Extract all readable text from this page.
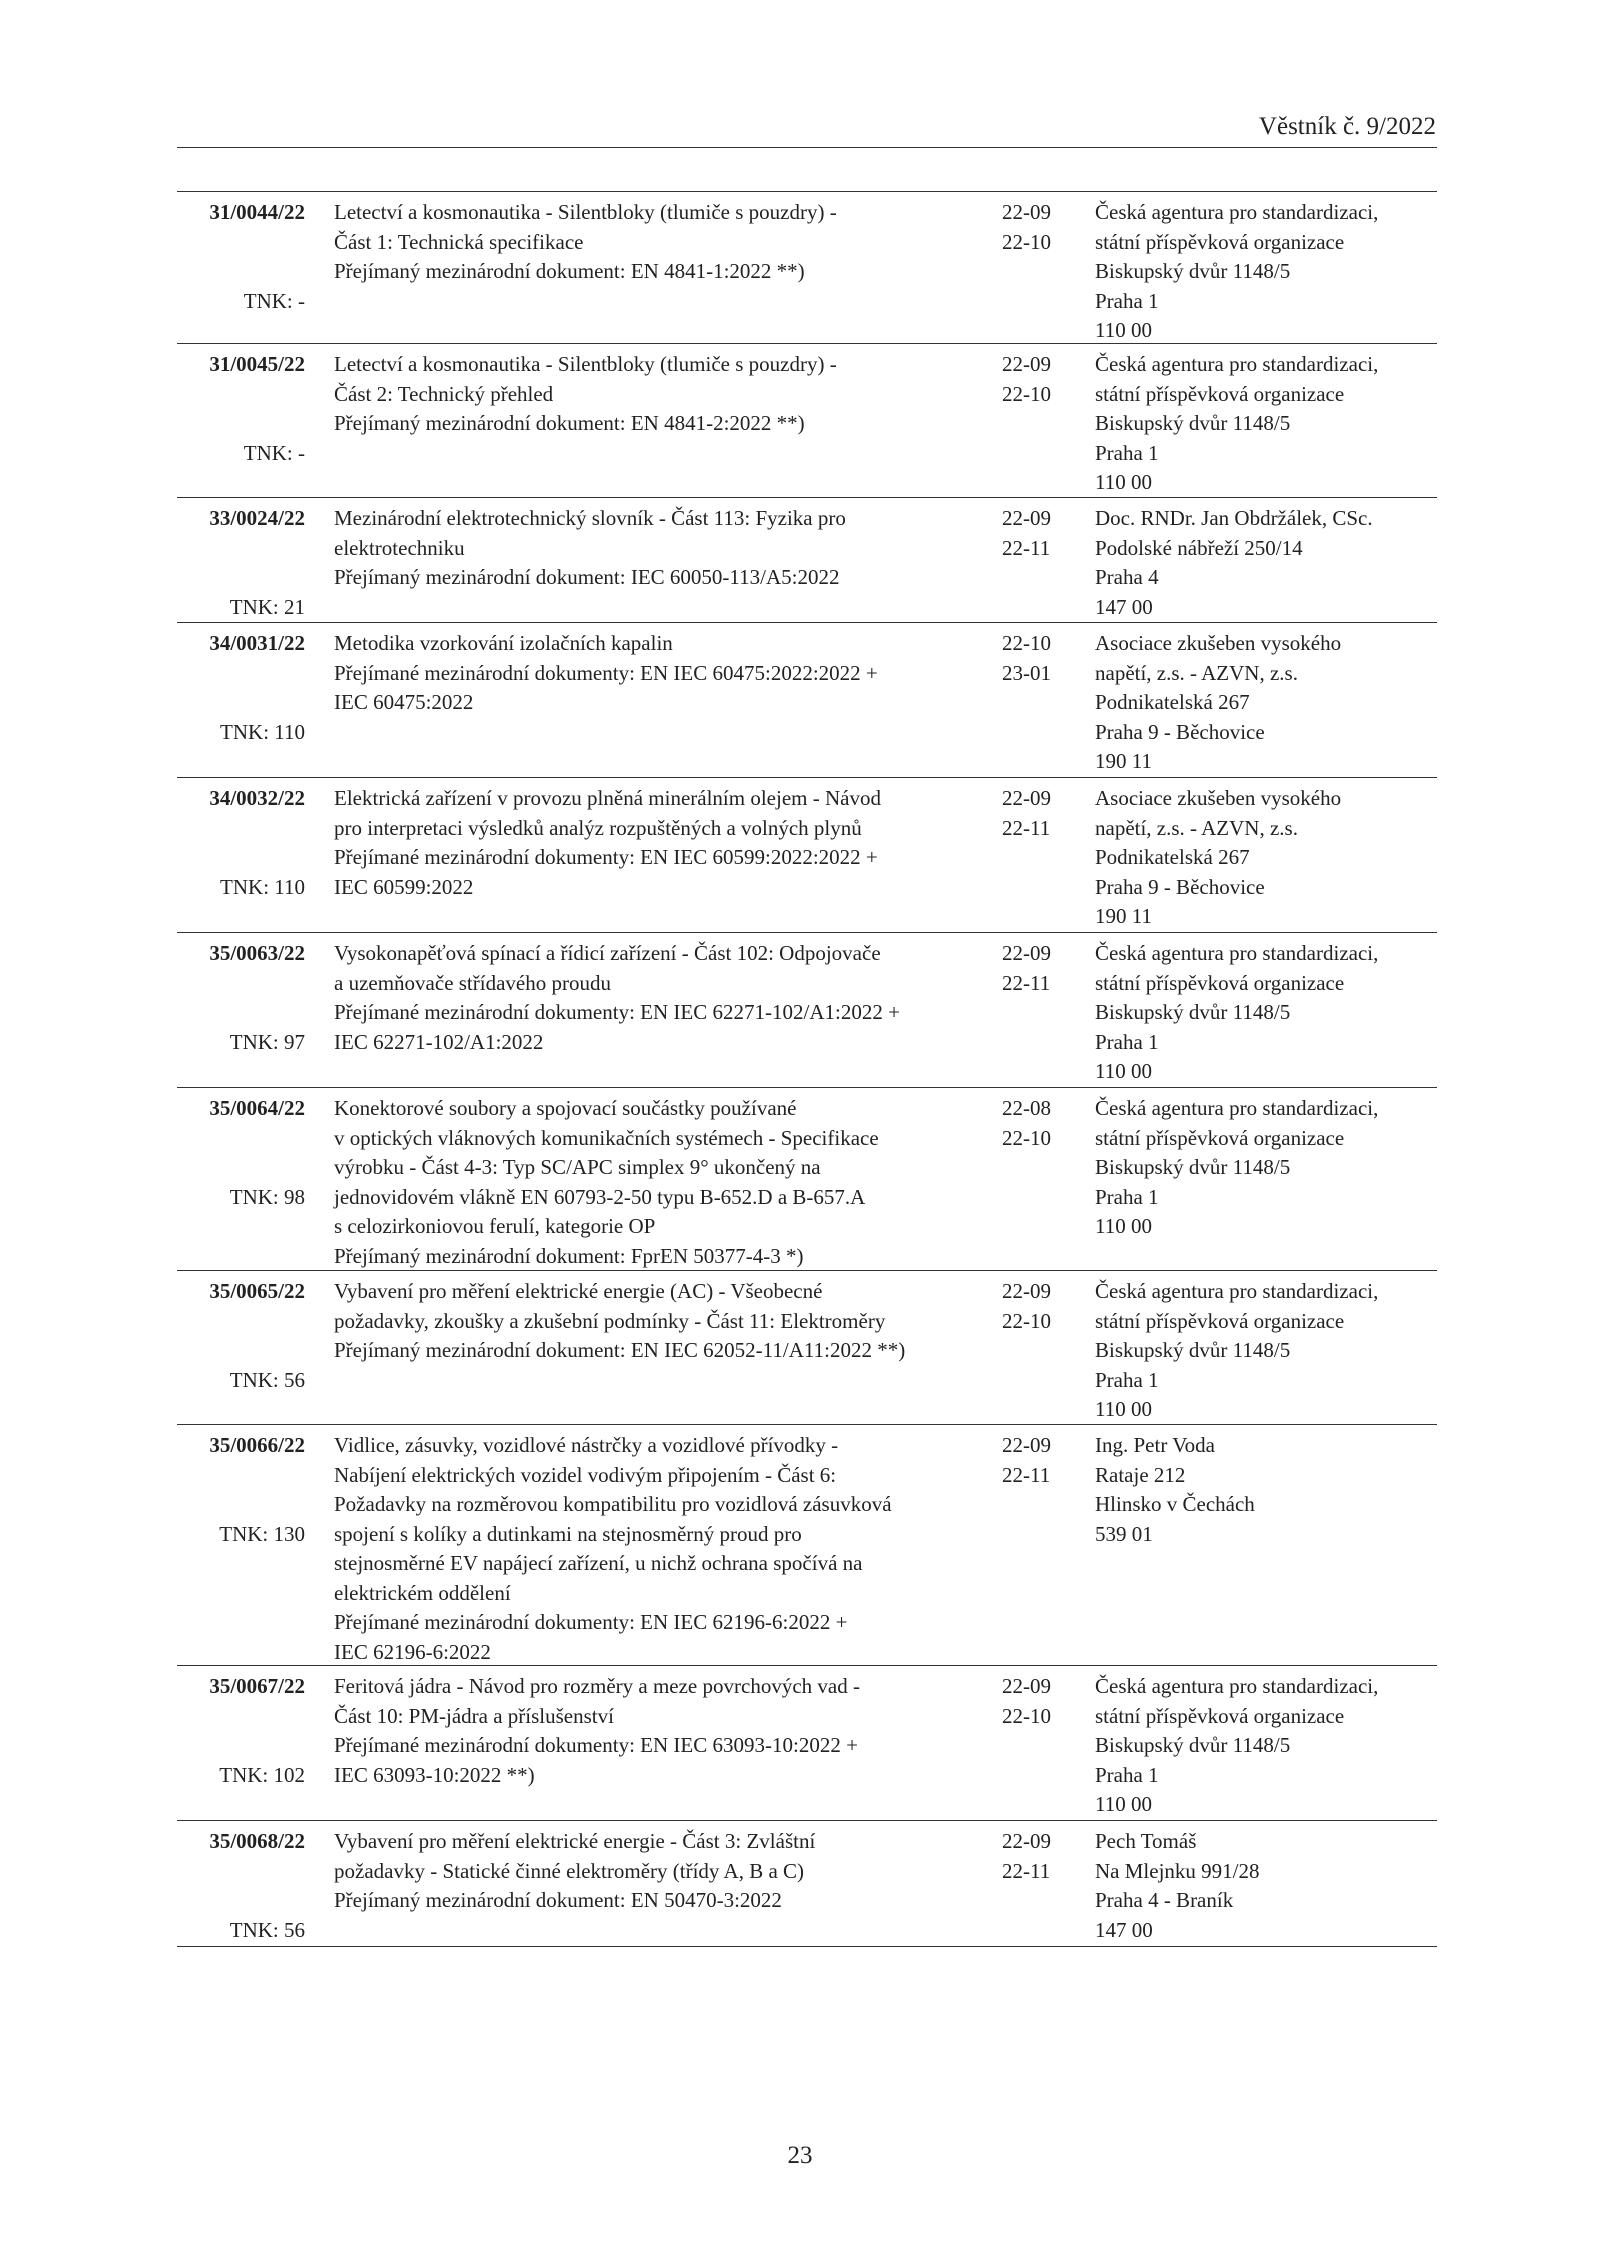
Věstník č. 9/2022
31/0044/22
TNK: -
Letectví a kosmonautika - Silentbloky (tlumiče s pouzdry) -
Část 1: Technická specifikace
Přejímaný mezinárodní dokument: EN 4841-1:2022 **)
22-09
22-10
Česká agentura pro standardizaci,
státní příspěvková organizace
Biskupský dvůr 1148/5
Praha 1
110 00
31/0045/22
TNK: -
Letectví a kosmonautika - Silentbloky (tlumiče s pouzdry) -
Část 2: Technický přehled
Přejímaný mezinárodní dokument: EN 4841-2:2022 **)
22-09
22-10
Česká agentura pro standardizaci,
státní příspěvková organizace
Biskupský dvůr 1148/5
Praha 1
110 00
33/0024/22
TNK: 21
Mezinárodní elektrotechnický slovník - Část 113: Fyzika pro
elektrotechniku
Přejímaný mezinárodní dokument: IEC 60050-113/A5:2022
22-09
22-11
Doc. RNDr. Jan Obdržálek, CSc.
Podolské nábřeží 250/14
Praha 4
147 00
34/0031/22
TNK: 110
Metodika vzorkování izolačních kapalin
Přejímané mezinárodní dokumenty: EN IEC 60475:2022:2022 +
IEC 60475:2022
22-10
23-01
Asociace zkušeben vysokého
napětí, z.s. - AZVN, z.s.
Podnikatelská 267
Praha 9 - Běchovice
190 11
34/0032/22
TNK: 110
Elektrická zařízení v provozu plněná minerálním olejem - Návod
pro interpretaci výsledků analýz rozpuštěných a volných plynů
Přejímané mezinárodní dokumenty: EN IEC 60599:2022:2022 +
IEC 60599:2022
22-09
22-11
Asociace zkušeben vysokého
napětí, z.s. - AZVN, z.s.
Podnikatelská 267
Praha 9 - Běchovice
190 11
35/0063/22
TNK: 97
Vysokonapěťová spínací a řídicí zařízení - Část 102: Odpojovače
a uzemňovače střídavého proudu
Přejímané mezinárodní dokumenty: EN IEC 62271-102/A1:2022 +
IEC 62271-102/A1:2022
22-09
22-11
Česká agentura pro standardizaci,
státní příspěvková organizace
Biskupský dvůr 1148/5
Praha 1
110 00
35/0064/22
TNK: 98
Konektorové soubory a spojovací součástky používané
v optických vláknových komunikačních systémech - Specifikace
výrobku - Část 4-3: Typ SC/APC simplex 9° ukončený na
jednovidovém vlákně EN 60793-2-50 typu B-652.D a B-657.A
s celozirkoniovou ferulí, kategorie OP
Přejímaný mezinárodní dokument: FprEN 50377-4-3 *)
22-08
22-10
Česká agentura pro standardizaci,
státní příspěvková organizace
Biskupský dvůr 1148/5
Praha 1
110 00
35/0065/22
TNK: 56
Vybavení pro měření elektrické energie (AC) - Všeobecné
požadavky, zkoušky a zkušební podmínky - Část 11: Elektroměry
Přejímaný mezinárodní dokument: EN IEC 62052-11/A11:2022 **)
22-09
22-10
Česká agentura pro standardizaci,
státní příspěvková organizace
Biskupský dvůr 1148/5
Praha 1
110 00
35/0066/22
TNK: 130
Vidlice, zásuvky, vozidlové nástrčky a vozidlové přívodky -
Nabíjení elektrických vozidel vodivým připojením - Část 6:
Požadavky na rozměrovou kompatibilitu pro vozidlová zásuvková
spojení s kolíky a dutinkami na stejnosměrný proud pro
stejnosměrné EV napájecí zařízení, u nichž ochrana spočívá na
elektrickém oddělení
Přejímané mezinárodní dokumenty: EN IEC 62196-6:2022 +
IEC 62196-6:2022
22-09
22-11
Ing. Petr Voda
Rataje 212
Hlinsko v Čechách
539 01
35/0067/22
TNK: 102
Feritová jádra - Návod pro rozměry a meze povrchových vad -
Část 10: PM-jádra a příslušenství
Přejímané mezinárodní dokumenty: EN IEC 63093-10:2022 +
IEC 63093-10:2022 **)
22-09
22-10
Česká agentura pro standardizaci,
státní příspěvková organizace
Biskupský dvůr 1148/5
Praha 1
110 00
35/0068/22
TNK: 56
Vybavení pro měření elektrické energie - Část 3: Zvláštní
požadavky - Statické činné elektroměry (třídy A, B a C)
Přejímaný mezinárodní dokument: EN 50470-3:2022
22-09
22-11
Pech Tomáš
Na Mlejnku 991/28
Praha 4 - Braník
147 00
23
